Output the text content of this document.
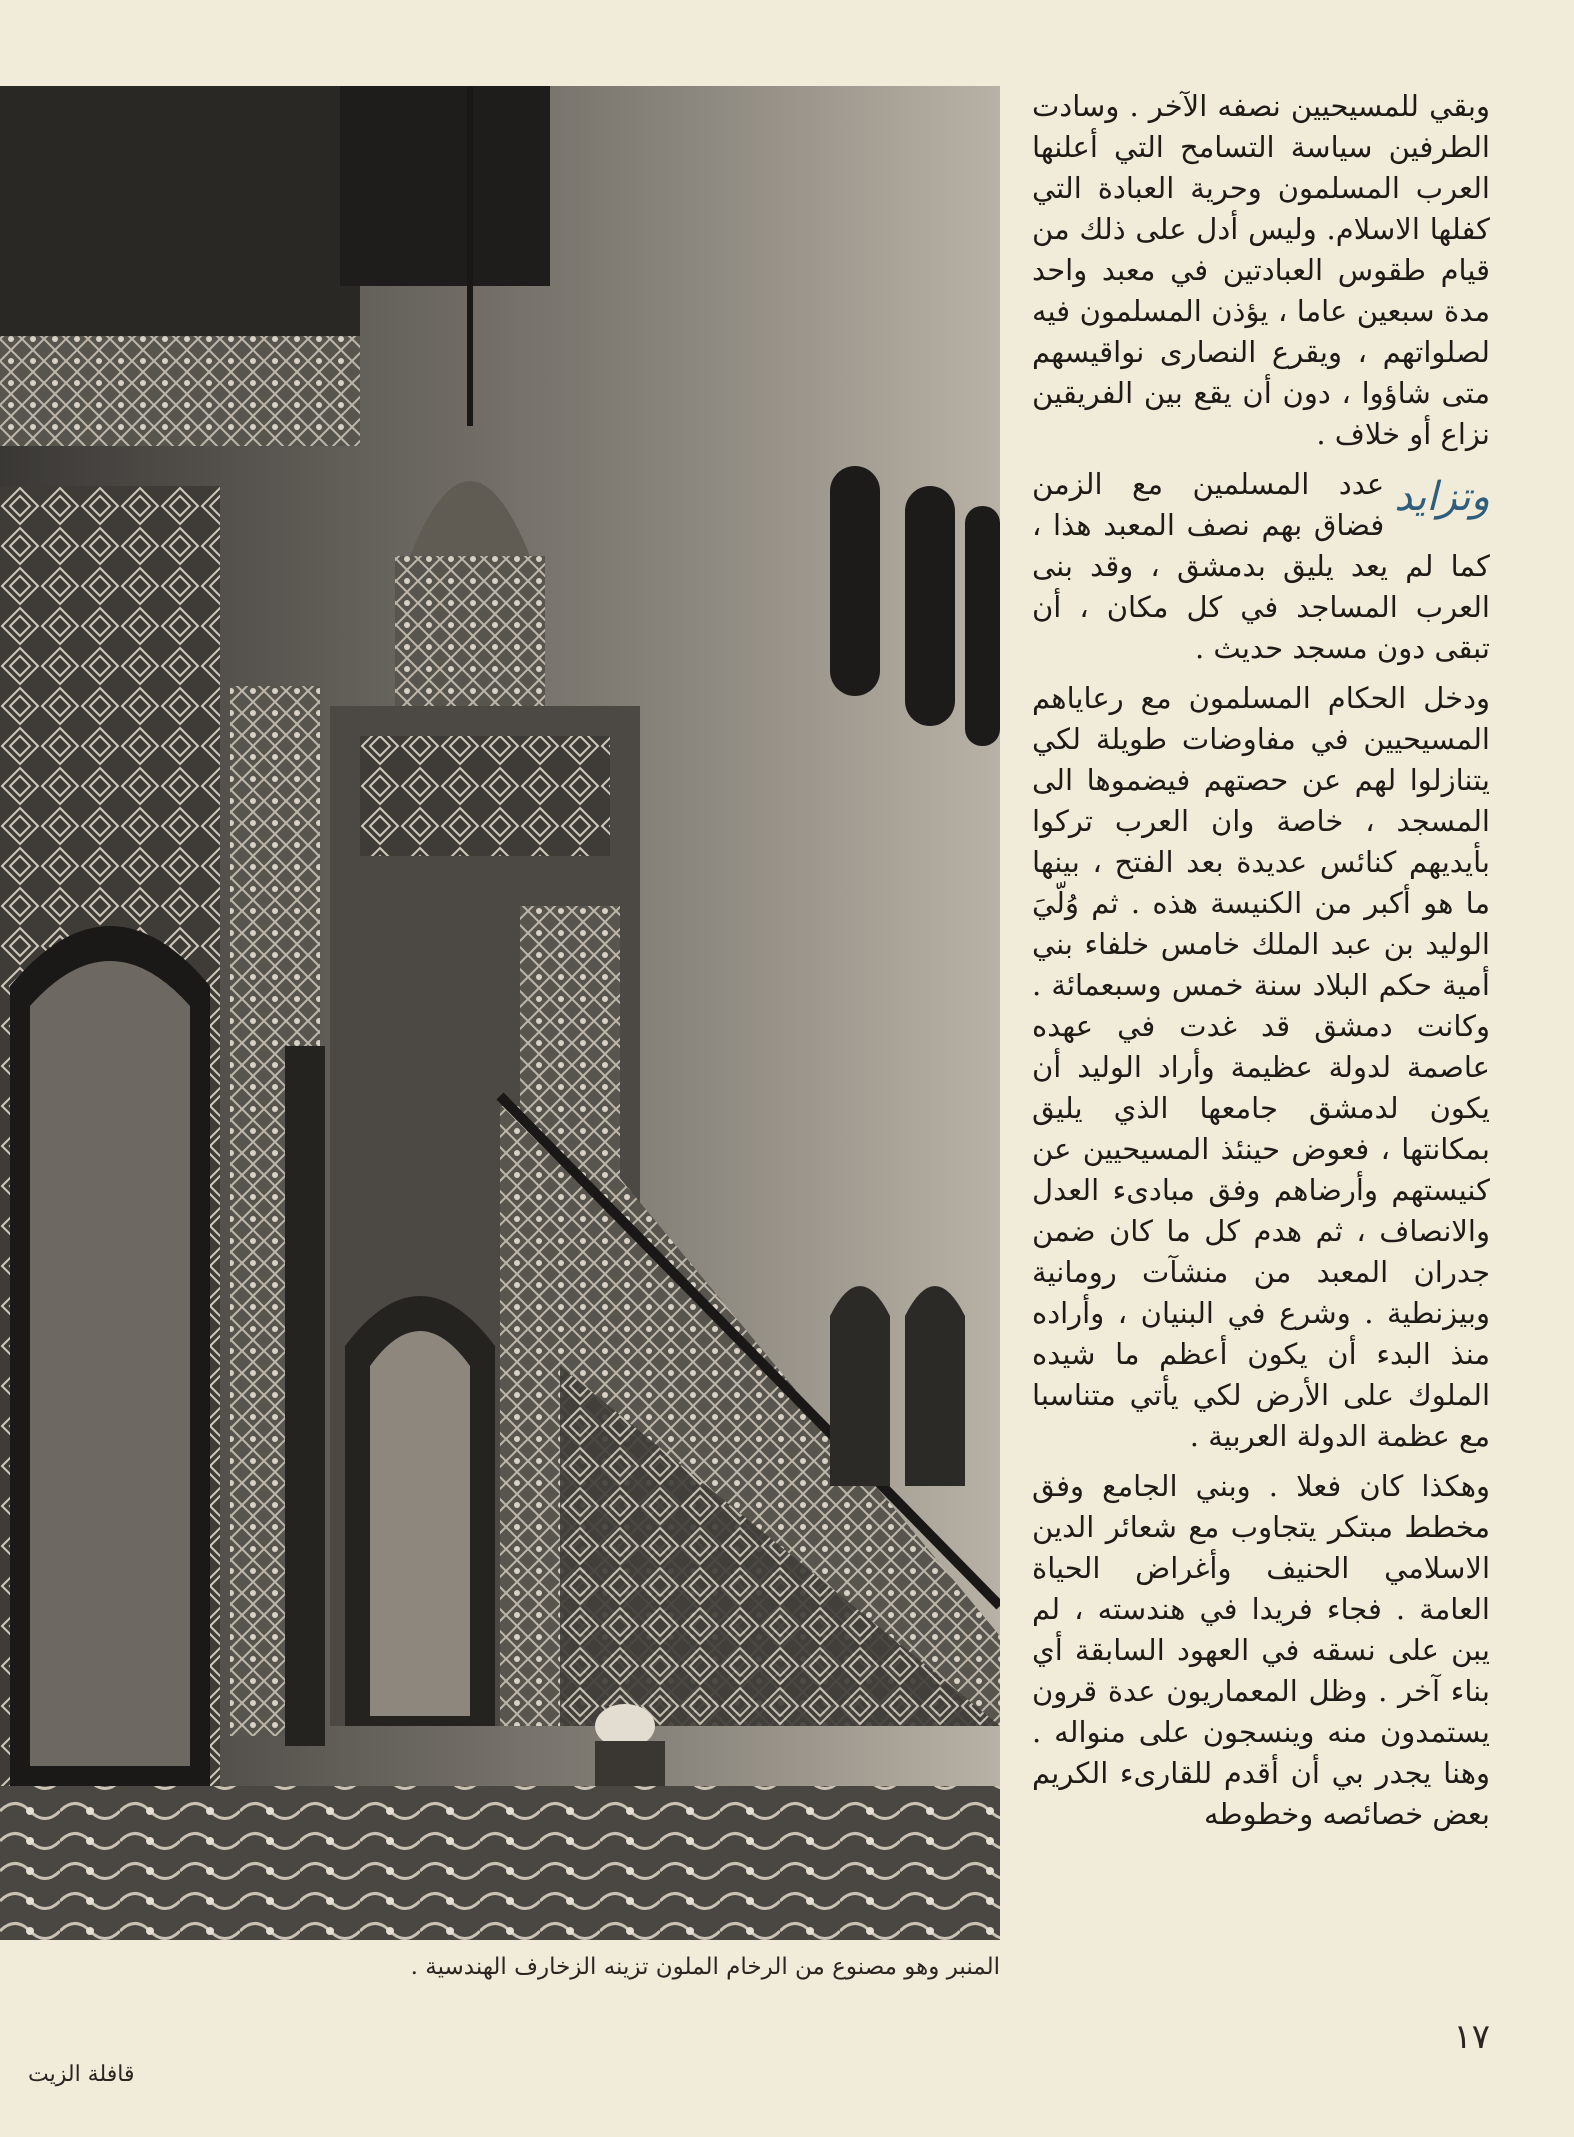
المنبر وهو مصنوع من الرخام الملون تزينه الزخارف الهندسية .

وبقي للمسيحيين نصفه الآخر . وسادت الطرفين سياسة التسامح التي أعلنها العرب المسلمون وحرية العبادة التي كفلها الاسلام. وليس أدل على ذلك من قيام طقوس العبادتين في معبد واحد مدة سبعين عاما ، يؤذن المسلمون فيه لصلواتهم ، ويقرع النصارى نواقيسهم متى شاؤوا ، دون أن يقع بين الفريقين نزاع أو خلاف .

وتزايد
عدد المسلمين مع الزمن فضاق بهم نصف المعبد هذا ، كما لم يعد يليق بدمشق ، وقد بنى العرب المساجد في كل مكان ، أن تبقى دون مسجد حديث .

ودخل الحكام المسلمون مع رعاياهم المسيحيين في مفاوضات طويلة لكي يتنازلوا لهم عن حصتهم فيضموها الى المسجد ، خاصة وان العرب تركوا بأيديهم كنائس عديدة بعد الفتح ، بينها ما هو أكبر من الكنيسة هذه . ثم وُلّيَ الوليد بن عبد الملك خامس خلفاء بني أمية حكم البلاد سنة خمس وسبعمائة . وكانت دمشق قد غدت في عهده عاصمة لدولة عظيمة وأراد الوليد أن يكون لدمشق جامعها الذي يليق بمكانتها ، فعوض حينئذ المسيحيين عن كنيستهم وأرضاهم وفق مبادىء العدل والانصاف ، ثم هدم كل ما كان ضمن جدران المعبد من منشآت رومانية وبيزنطية . وشرع في البنيان ، وأراده منذ البدء أن يكون أعظم ما شيده الملوك على الأرض لكي يأتي متناسبا مع عظمة الدولة العربية .

وهكذا كان فعلا . وبني الجامع وفق مخطط مبتكر يتجاوب مع شعائر الدين الاسلامي الحنيف وأغراض الحياة العامة . فجاء فريدا في هندسته ، لم يبن على نسقه في العهود السابقة أي بناء آخر . وظل المعماريون عدة قرون يستمدون منه وينسجون على منواله . وهنا يجدر بي أن أقدم للقارىء الكريم بعض خصائصه وخطوطه

١٧
قافلة الزيت
